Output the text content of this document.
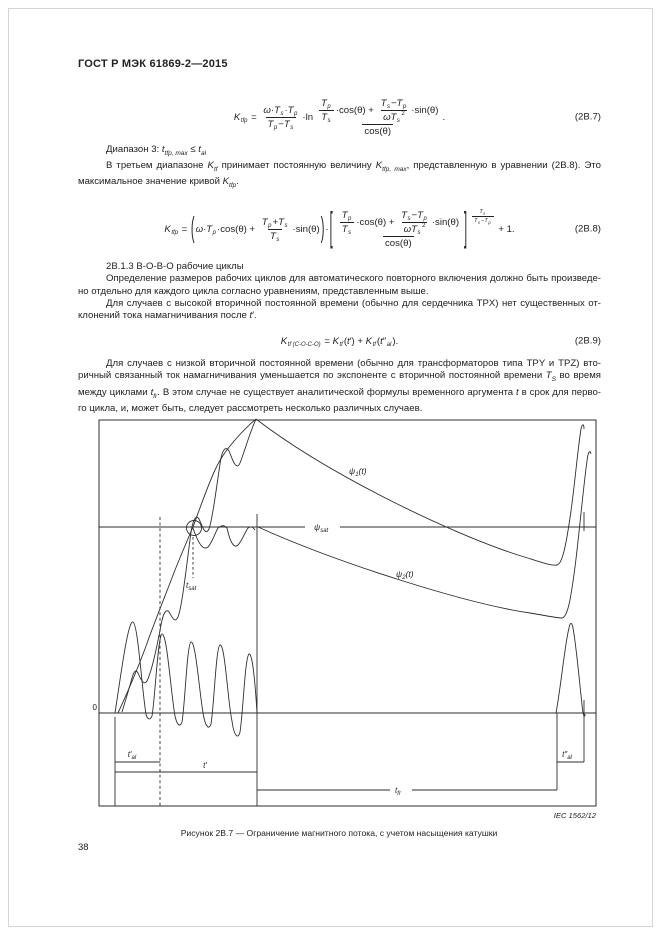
ГОСТ Р МЭК 61869-2—2015
K tfp = $\frac{\text{ω · T s · T p}}{\text{T p − T s}} \cdot\ln \frac{\text{T p}}{\text{T s}} \cdot\cos(\theta) + T$ s − T p
ω T s
2 ·sin(θ)
cos(θ) .	(2В.7)
K tfp = ( ω · T $p \cdot\cos(\theta) + \frac{\text{T p + T s}}{\text{T s}} \cdot\sin(\theta)$ ) · [ $\frac{\text{T p}}{\text{T s}} \cdot\cos(\theta) + T$ s − T p
ω T s
2 ·sin(θ)
cos(θ) ] $\frac{\text{T s}}{\text{T s − T p}}$
+ 1.	(2В.8)
K tf (С-О-С-О) = K tf ( t ′ ) + K tf ( t ″ al ).	(2В.9)
Диапазон 3: $t_{tfp, max} \le t_{al}$
В третьем диапазоне $K_{tf}$ принимает постоянную величину $K_{tfp, max}$, представленную в уравнении (2В.8). Это
максимальное значение кривой $K_{tfp}$.
2В.1.3 В-О-В-О рабочие циклы
Определение размеров рабочих циклов для автоматического повторного включения должно быть произведе-
но отдельно для каждого цикла согласно уравнениям, представленным выше.
Для случаев с высокой вторичной постоянной времени (обычно для сердечника TPX) нет существенных от-
клонений тока намагничивания после t′.
Для случаев с низкой вторичной постоянной времени (обычно для трансформаторов типа TPY и TPZ) вто-
ричный связанный ток намагничивания уменьшается по экспоненте с вторичной постоянной времени $T_S$ во время
между циклами $t_{fr}$. В этом случае не существует аналитической формулы временного аргумента t в срок для перво-
го цикла, и, может быть, следует рассмотреть несколько различных случаев.
0
$\psi_1(t)$
$\psi_{sat}$
$\psi_2(t)$
$t_{sat}$
$t'_{al}$
t′
$t_{fr}$
$t''_{al}$
IEC 1562/12
Рисунок 2В.7 — Ограничение магнитного потока, с учетом насыщения катушки
38
